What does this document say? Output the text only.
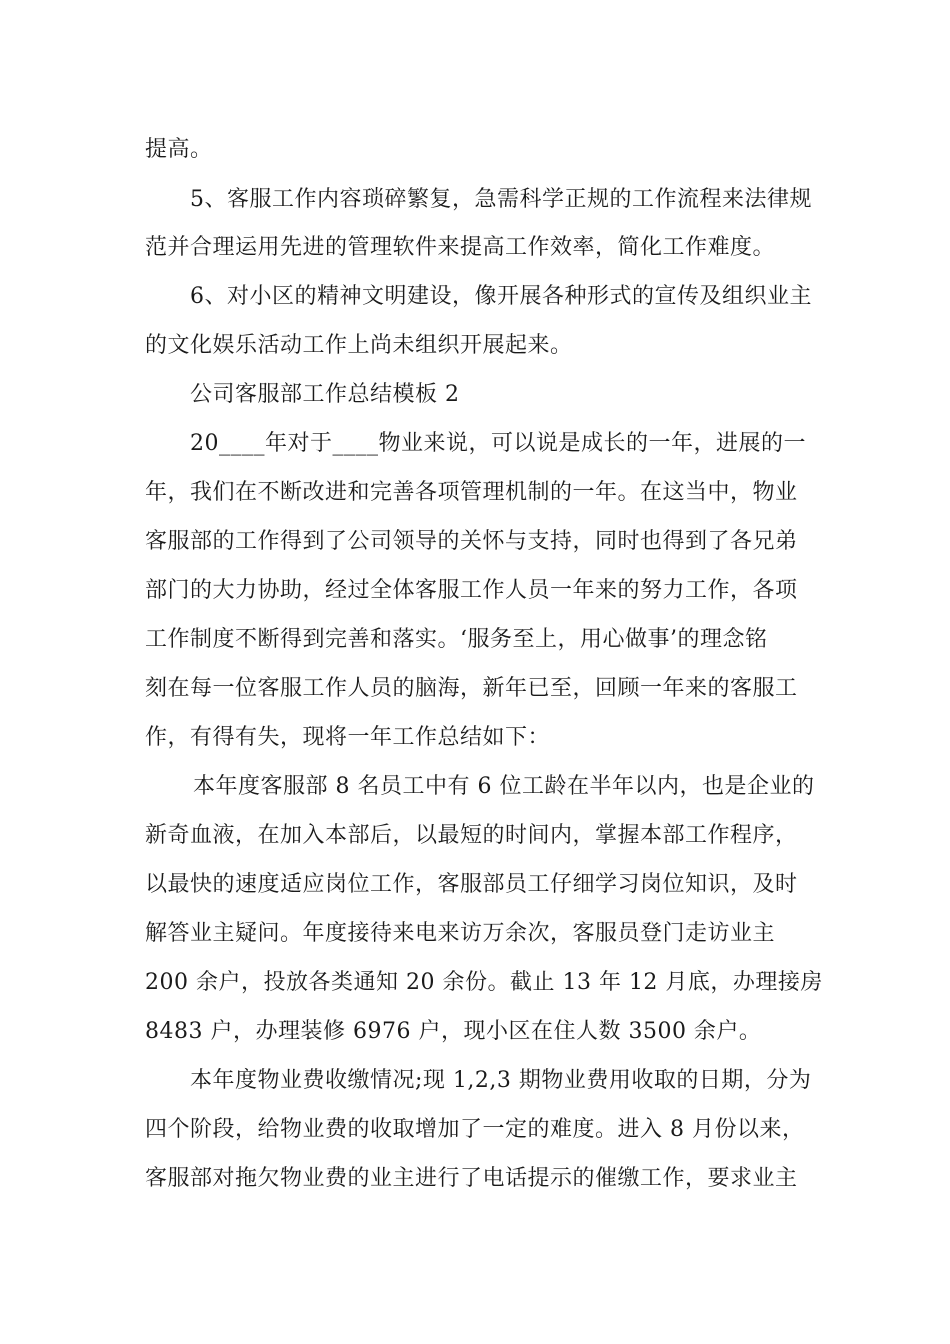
提高。
5、客服工作内容琐碎繁复，急需科学正规的工作流程来法律规
范并合理运用先进的管理软件来提高工作效率，简化工作难度。
6、对小区的精神文明建设，像开展各种形式的宣传及组织业主
的文化娱乐活动工作上尚未组织开展起来。
公司客服部工作总结模板 2
20____年对于____物业来说，可以说是成长的一年，进展的一
年，我们在不断改进和完善各项管理机制的一年。在这当中，物业
客服部的工作得到了公司领导的关怀与支持，同时也得到了各兄弟
部门的大力协助，经过全体客服工作人员一年来的努力工作，各项
工作制度不断得到完善和落实。‘服务至上，用心做事’的理念铭
刻在每一位客服工作人员的脑海，新年已至，回顾一年来的客服工
作，有得有失，现将一年工作总结如下：
本年度客服部 8 名员工中有 6 位工龄在半年以内，也是企业的
新奇血液，在加入本部后，以最短的时间内，掌握本部工作程序，
以最快的速度适应岗位工作，客服部员工仔细学习岗位知识，及时
解答业主疑问。年度接待来电来访万余次，客服员登门走访业主
200 余户，投放各类通知 20 余份。截止 13 年 12 月底，办理接房
8483 户，办理装修 6976 户，现小区在住人数 3500 余户。
本年度物业费收缴情况;现 1,2,3 期物业费用收取的日期，分为
四个阶段，给物业费的收取增加了一定的难度。进入 8 月份以来，
客服部对拖欠物业费的业主进行了电话提示的催缴工作，要求业主
